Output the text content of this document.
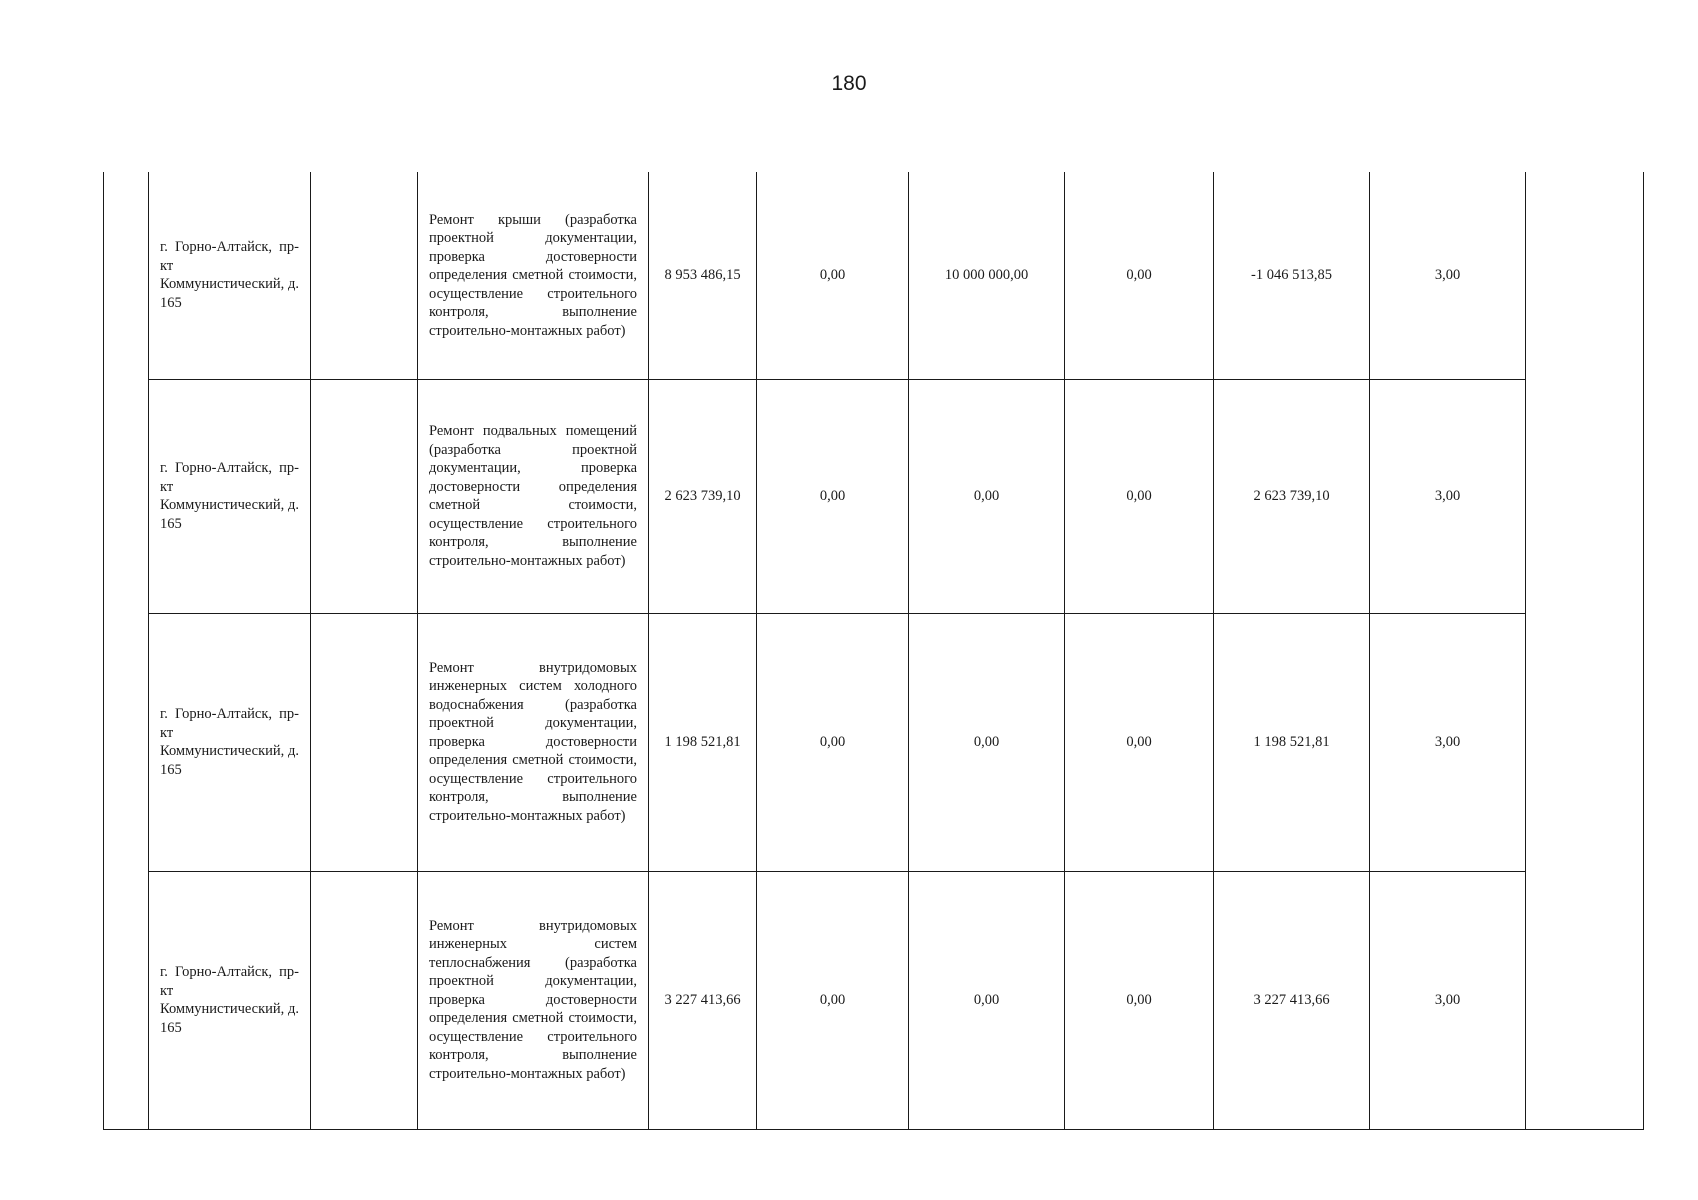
180
	г. Горно-Алтайск, пр-кт Коммунистический, д. 165		Ремонт крыши (разработка проектной документации, проверка достоверности определения сметной стоимости, осуществление строительного контроля, выполнение строительно-монтажных работ)	8 953 486,15	0,00	10 000 000,00	0,00	-1 046 513,85	3,00	
	г. Горно-Алтайск, пр-кт Коммунистический, д. 165		Ремонт подвальных помещений (разработка проектной документации, проверка достоверности определения сметной стоимости, осуществление строительного контроля, выполнение строительно-монтажных работ)	2 623 739,10	0,00	0,00	0,00	2 623 739,10	3,00	
	г. Горно-Алтайск, пр-кт Коммунистический, д. 165		Ремонт внутридомовых инженерных систем холодного водоснабжения (разработка проектной документации, проверка достоверности определения сметной стоимости, осуществление строительного контроля, выполнение строительно-монтажных работ)	1 198 521,81	0,00	0,00	0,00	1 198 521,81	3,00	
	г. Горно-Алтайск, пр-кт Коммунистический, д. 165		Ремонт внутридомовых инженерных систем теплоснабжения (разработка проектной документации, проверка достоверности определения сметной стоимости, осуществление строительного контроля, выполнение строительно-монтажных работ)	3 227 413,66	0,00	0,00	0,00	3 227 413,66	3,00	
